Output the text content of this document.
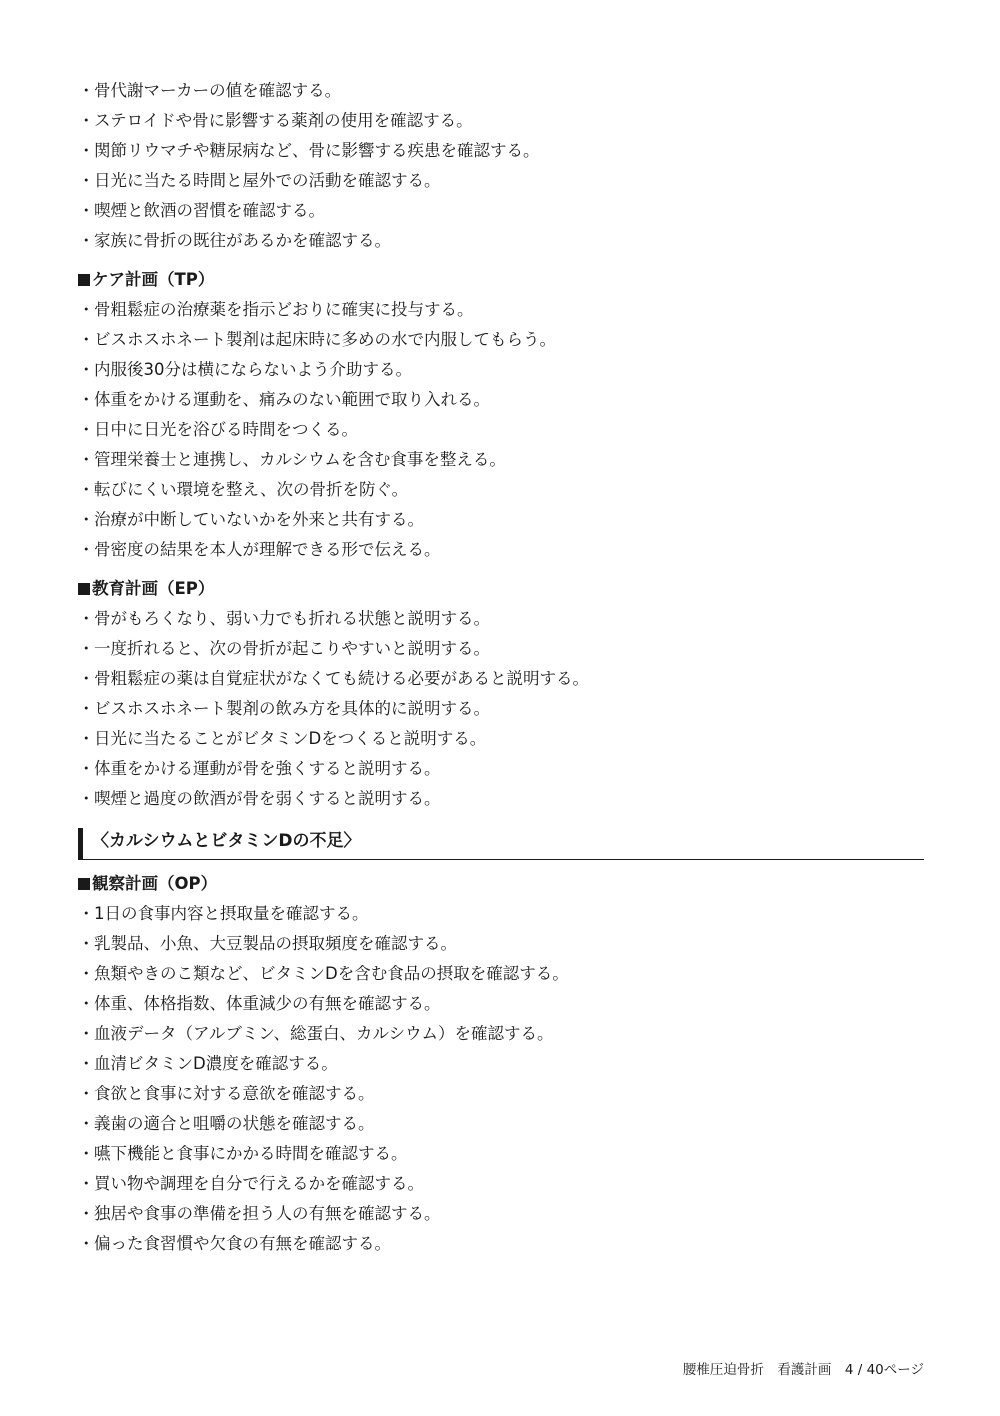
・ 骨代謝マーカーの値を確認する。
・ ステロイドや骨に影響する薬剤の使用を確認する。
・ 関節リウマチや糖尿病など、骨に影響する疾患を確認する。
・ 日光に当たる時間と屋外での活動を確認する。
・ 喫煙と飲酒の習慣を確認する。
・ 家族に骨折の既往があるかを確認する。
ケア計画（TP）
・ 骨粗鬆症の治療薬を指示どおりに確実に投与する。
・ ビスホスホネート製剤は起床時に多めの水で内服してもらう。
・ 内服後30分は横にならないよう介助する。
・ 体重をかける運動を、痛みのない範囲で取り入れる。
・ 日中に日光を浴びる時間をつくる。
・ 管理栄養士と連携し、カルシウムを含む食事を整える。
・ 転びにくい環境を整え、次の骨折を防ぐ。
・ 治療が中断していないかを外来と共有する。
・ 骨密度の結果を本人が理解できる形で伝える。
教育計画（EP）
・ 骨がもろくなり、弱い力でも折れる状態と説明する。
・ 一度折れると、次の骨折が起こりやすいと説明する。
・ 骨粗鬆症の薬は自覚症状がなくても続ける必要があると説明する。
・ ビスホスホネート製剤の飲み方を具体的に説明する。
・ 日光に当たることがビタミンDをつくると説明する。
・ 体重をかける運動が骨を強くすると説明する。
・ 喫煙と過度の飲酒が骨を弱くすると説明する。
〈カルシウムとビタミンDの不足〉
観察計画（OP）
・ 1日の食事内容と摂取量を確認する。
・ 乳製品、小魚、大豆製品の摂取頻度を確認する。
・ 魚類やきのこ類など、ビタミンDを含む食品の摂取を確認する。
・ 体重、体格指数、体重減少の有無を確認する。
・ 血液データ（アルブミン、総蛋白、カルシウム）を確認する。
・ 血清ビタミンD濃度を確認する。
・ 食欲と食事に対する意欲を確認する。
・ 義歯の適合と咀嚼の状態を確認する。
・ 嚥下機能と食事にかかる時間を確認する。
・ 買い物や調理を自分で行えるかを確認する。
・ 独居や食事の準備を担う人の有無を確認する。
・ 偏った食習慣や欠食の有無を確認する。
腰椎圧迫骨折　看護計画　4 / 40ページ
